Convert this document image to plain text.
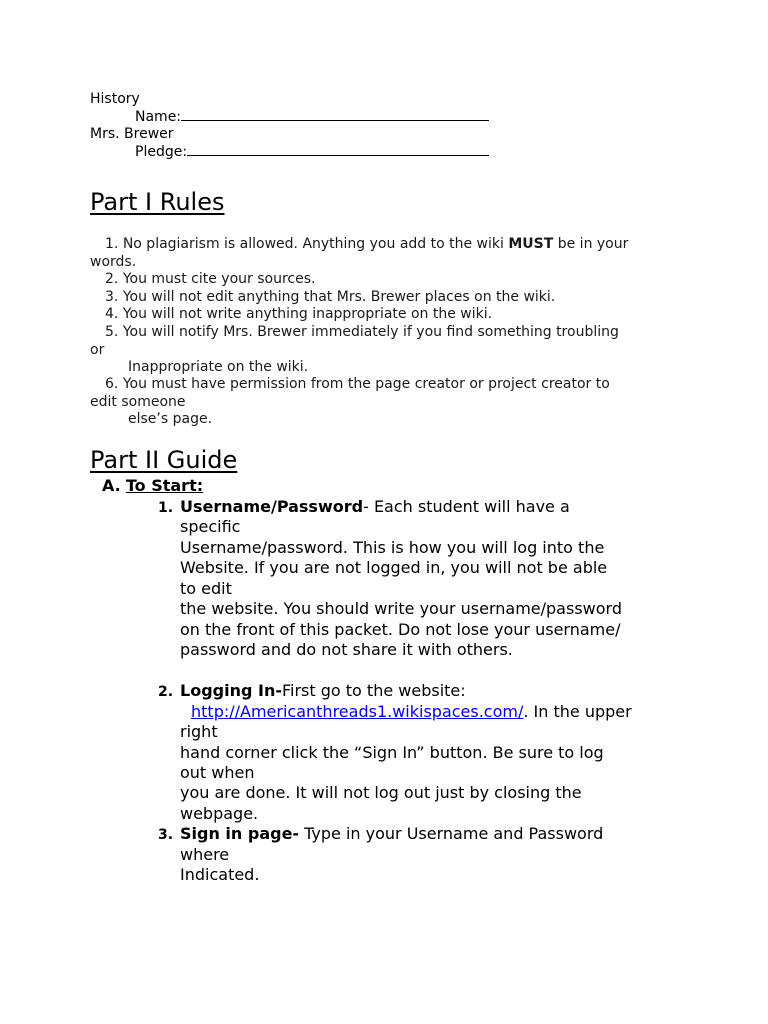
History
Name:
Mrs. Brewer
Pledge:
Part I Rules
1. No plagiarism is allowed. Anything you add to the wiki MUST be in your
words.
2. You must cite your sources.
3. You will not edit anything that Mrs. Brewer places on the wiki.
4. You will not write anything inappropriate on the wiki.
5. You will notify Mrs. Brewer immediately if you find something troubling
or
Inappropriate on the wiki.
6. You must have permission from the page creator or project creator to
edit someone
else’s page.
Part II Guide
A. To Start:
1. Username/Password- Each student will have a
specific
Username/password. This is how you will log into the
Website. If you are not logged in, you will not be able
to edit
the website. You should write your username/password
on the front of this packet. Do not lose your username/
password and do not share it with others.
2. Logging In-First go to the website:
http://Americanthreads1.wikispaces.com/. In the upper
right
hand corner click the “Sign In” button. Be sure to log
out when
you are done. It will not log out just by closing the
webpage.
3. Sign in page- Type in your Username and Password
where
Indicated.
